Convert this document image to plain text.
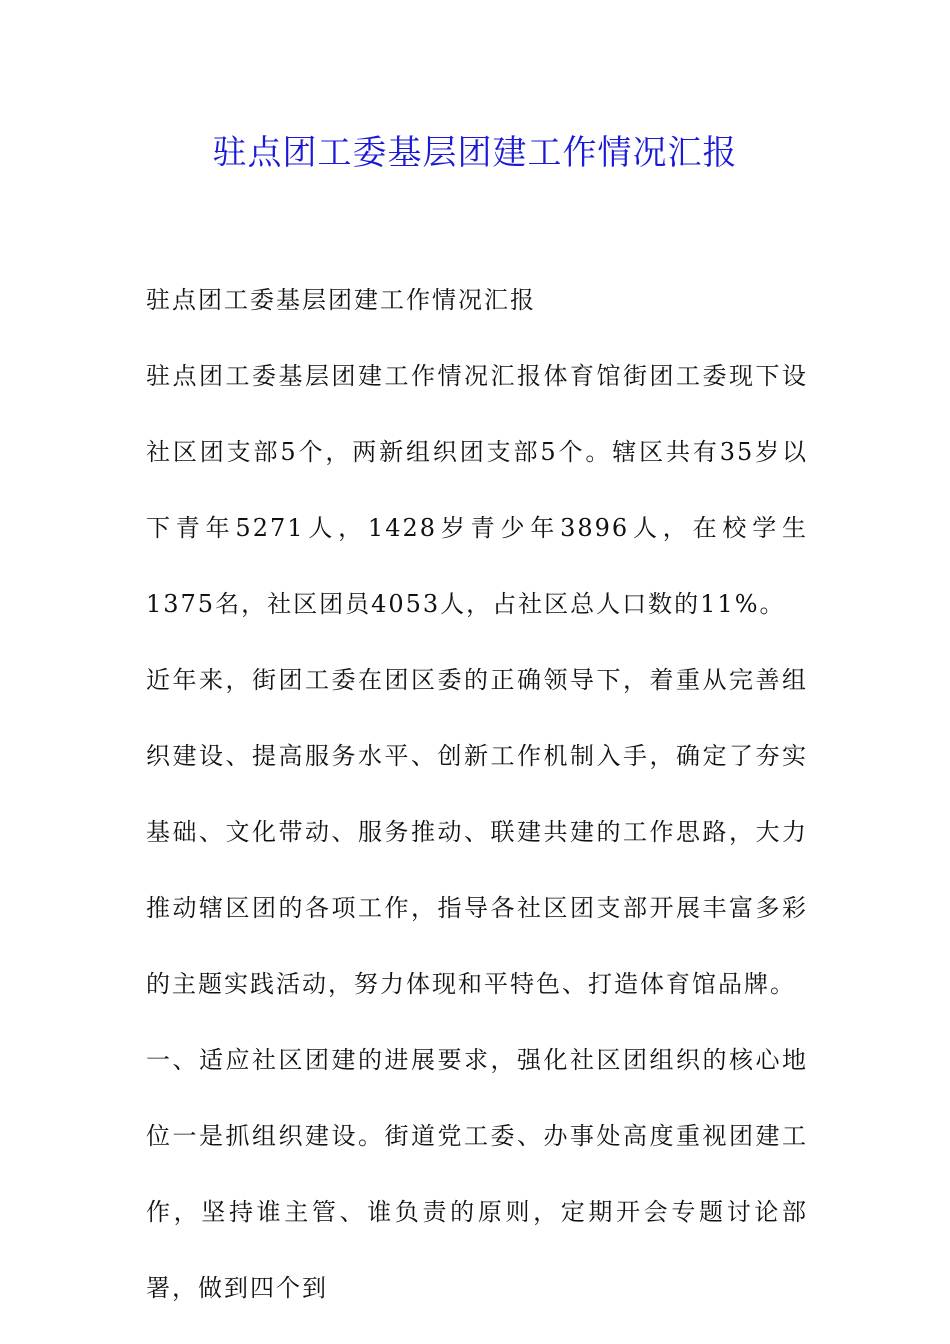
驻点团工委基层团建工作情况汇报

驻点团工委基层团建工作情况汇报

驻点团工委基层团建工作情况汇报体育馆街团工委现下设社区团支部5个，两新组织团支部5个。辖区共有35岁以下青年5271人，1428岁青少年3896人，在校学生1375名，社区团员4053人，占社区总人口数的11%。

近年来，街团工委在团区委的正确领导下，着重从完善组织建设、提高服务水平、创新工作机制入手，确定了夯实基础、文化带动、服务推动、联建共建的工作思路，大力推动辖区团的各项工作，指导各社区团支部开展丰富多彩的主题实践活动，努力体现和平特色、打造体育馆品牌。

一、适应社区团建的进展要求，强化社区团组织的核心地位一是抓组织建设。街道党工委、办事处高度重视团建工作，坚持谁主管、谁负责的原则，定期开会专题讨论部署，做到四个到
